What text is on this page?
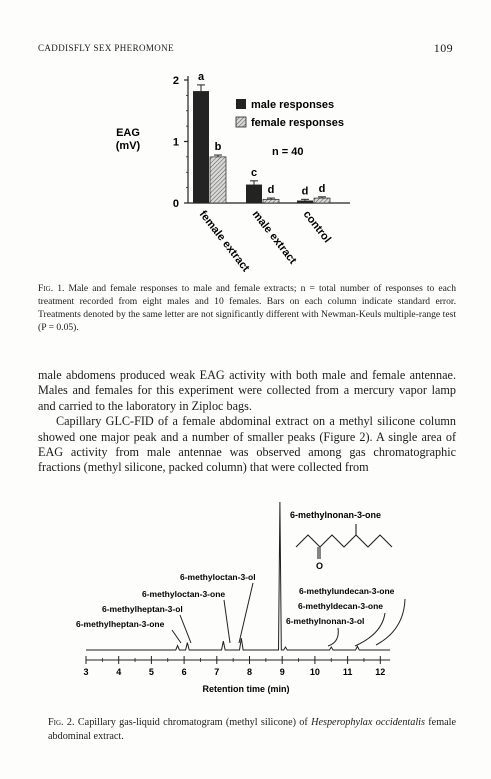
CADDISFLY SEX PHEROMONE	109
0
1
2 a
b
female extract
c
d
male extract
d d
control
EAG
(mV)
male responses
female responses
n = 40
Fig. 1. Male and female responses to male and female extracts; n = total number of responses to each treatment recorded from eight males and 10 females. Bars on each column indicate standard error. Treatments denoted by the same letter are not significantly different with Newman-Keuls multiple-range test (P = 0.05).

male abdomens produced weak EAG activity with both male and female antennae. Males and females for this experiment were collected from a mercury vapor lamp and carried to the laboratory in Ziploc bags.

Capillary GLC-FID of a female abdominal extract on a methyl silicone column showed one major peak and a number of smaller peaks (Figure 2). A single area of EAG activity from male antennae was observed among gas chromatographic fractions (methyl silicone, packed column) that were collected from

3	4	5	6	7	8	9	10	11	12
6-methylnonan-3-one
O
6-methyloctan-3-ol
6-methyloctan-3-one
6-methylheptan-3-ol
6-methylheptan-3-one
6-methylundecan-3-one
6-methyldecan-3-one
6-methylnonan-3-ol
Retention time (min)
Fig. 2. Capillary gas-liquid chromatogram (methyl silicone) of Hesperophylax occidentalis female abdominal extract.
